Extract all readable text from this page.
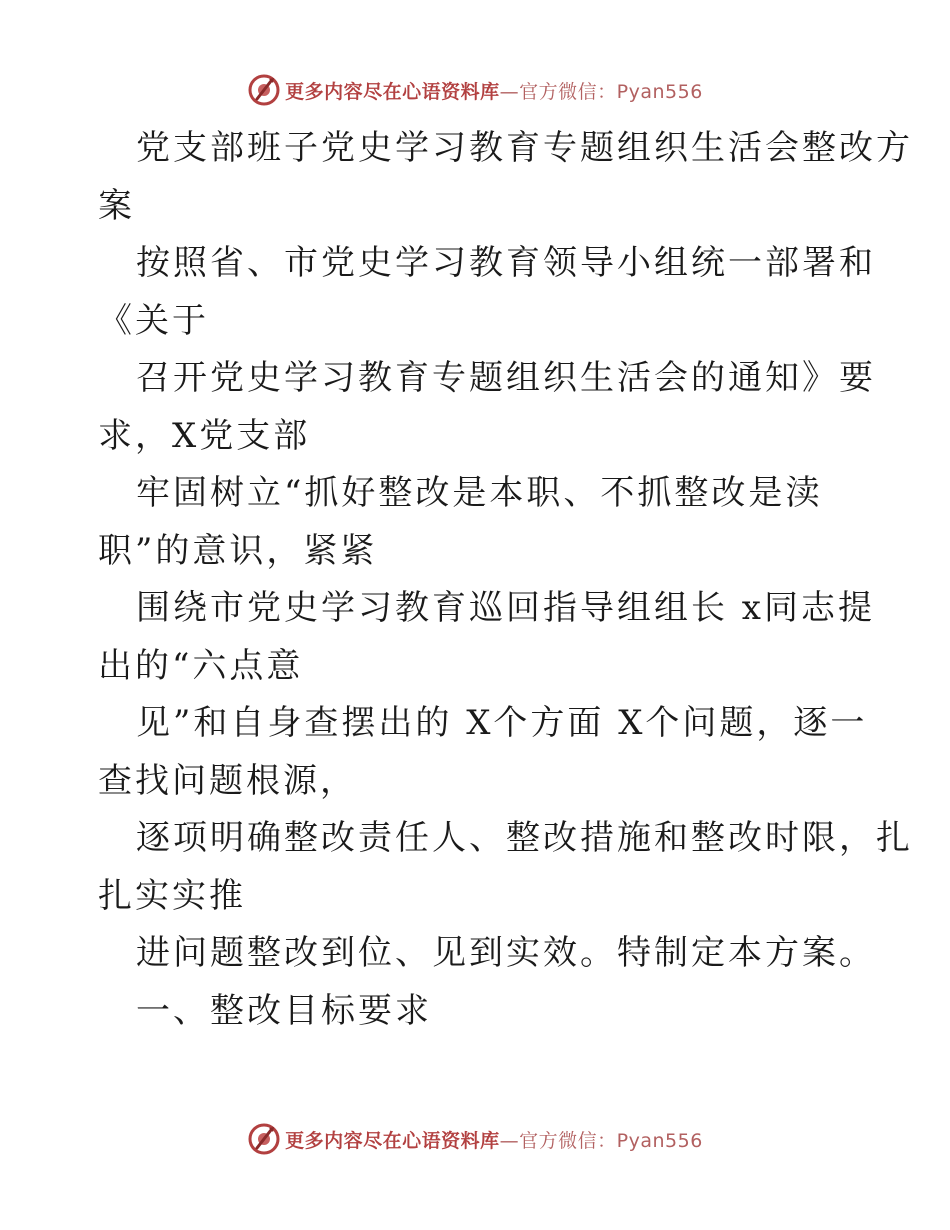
更多内容尽在心语资料库—官方微信：Pyan556
党支部班子党史学习教育专题组织生活会整改方
案
按照省、市党史学习教育领导小组统一部署和
《关于
召开党史学习教育专题组织生活会的通知》要
求，X党支部
牢固树立“抓好整改是本职、不抓整改是渎
职”的意识，紧紧
围绕市党史学习教育巡回指导组组长 x同志提
出的“六点意
见”和自身查摆出的 X个方面 X个问题，逐一
查找问题根源，
逐项明确整改责任人、整改措施和整改时限，扎
扎实实推
进问题整改到位、见到实效。特制定本方案。
一、整改目标要求
更多内容尽在心语资料库—官方微信：Pyan556
